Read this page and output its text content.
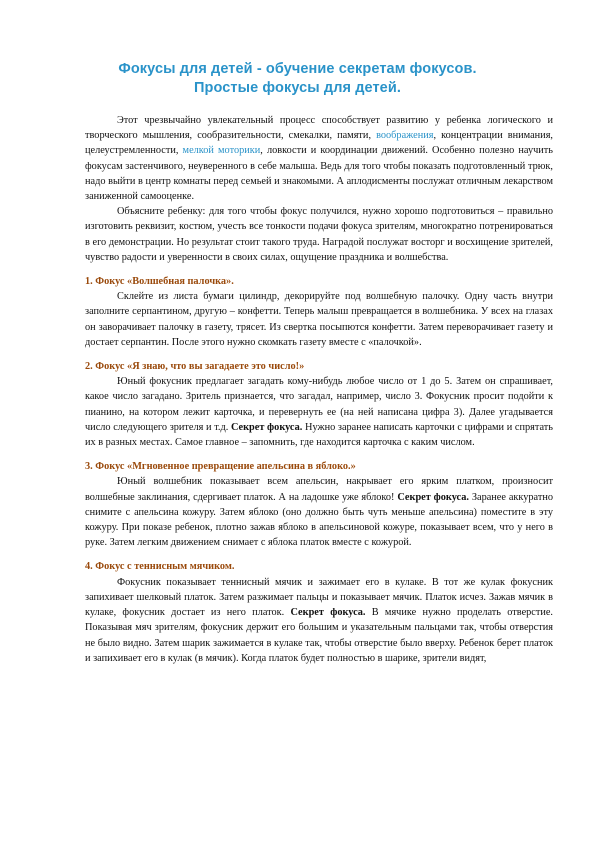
Фокусы для детей - обучение секретам фокусов.
Простые фокусы для детей.

Этот чрезвычайно увлекательный процесс способствует развитию у ребенка логического и творческого мышления, сообразительности, смекалки, памяти, воображения, концентрации внимания, целеустремленности, мелкой моторики, ловкости и координации движений. Особенно полезно научить фокусам застенчивого, неуверенного в себе малыша. Ведь для того чтобы показать подготовленный трюк, надо выйти в центр комнаты перед семьей и знакомыми. А аплодисменты послужат отличным лекарством заниженной самооценке.

Объясните ребенку: для того чтобы фокус получился, нужно хорошо подготовиться – правильно изготовить реквизит, костюм, учесть все тонкости подачи фокуса зрителям, многократно потренироваться в его демонстрации. Но результат стоит такого труда. Наградой послужат восторг и восхищение зрителей, чувство радости и уверенности в своих силах, ощущение праздника и волшебства.

1. Фокус «Волшебная палочка».

Склейте из листа бумаги цилиндр, декорируйте под волшебную палочку. Одну часть внутри заполните серпантином, другую – конфетти. Теперь малыш превращается в волшебника. У всех на глазах он заворачивает палочку в газету, трясет. Из свертка посыпются конфетти. Затем переворачивает газету и достает серпантин. После этого нужно скомкать газету вместе с «палочкой».

2. Фокус «Я знаю, что вы загадаете это число!»

Юный фокусник предлагает загадать кому-нибудь любое число от 1 до 5. Затем он спрашивает, какое число загадано. Зритель признается, что загадал, например, число 3. Фокусник просит подойти к пианино, на котором лежит карточка, и перевернуть ее (на ней написана цифра 3). Далее угадывается число следующего зрителя и т.д. Секрет фокуса. Нужно заранее написать карточки с цифрами и спрятать их в разных местах. Самое главное – запомнить, где находится карточка с каким числом.

3. Фокус «Мгновенное превращение апельсина в яблоко.»

Юный волшебник показывает всем апельсин, накрывает его ярким платком, произносит волшебные заклинания, сдергивает платок. А на ладошке уже яблоко! Секрет фокуса. Заранее аккуратно снимите с апельсина кожуру. Затем яблоко (оно должно быть чуть меньше апельсина) поместите в эту кожуру. При показе ребенок, плотно зажав яблоко в апельсиновой кожуре, показывает всем, что у него в руке. Затем легким движением снимает с яблока платок вместе с кожурой.

4. Фокус с теннисным мячиком.

Фокусник показывает теннисный мячик и зажимает его в кулаке. В тот же кулак фокусник запихивает шелковый платок. Затем разжимает пальцы и показывает мячик. Платок исчез. Зажав мячик в кулаке, фокусник достает из него платок. Секрет фокуса. В мячике нужно проделать отверстие. Показывая мяч зрителям, фокусник держит его большим и указательным пальцами так, чтобы отверстия не было видно. Затем шарик зажимается в кулаке так, чтобы отверстие было вверху. Ребенок берет платок и запихивает его в кулак (в мячик). Когда платок будет полностью в шарике, зрители видят,
